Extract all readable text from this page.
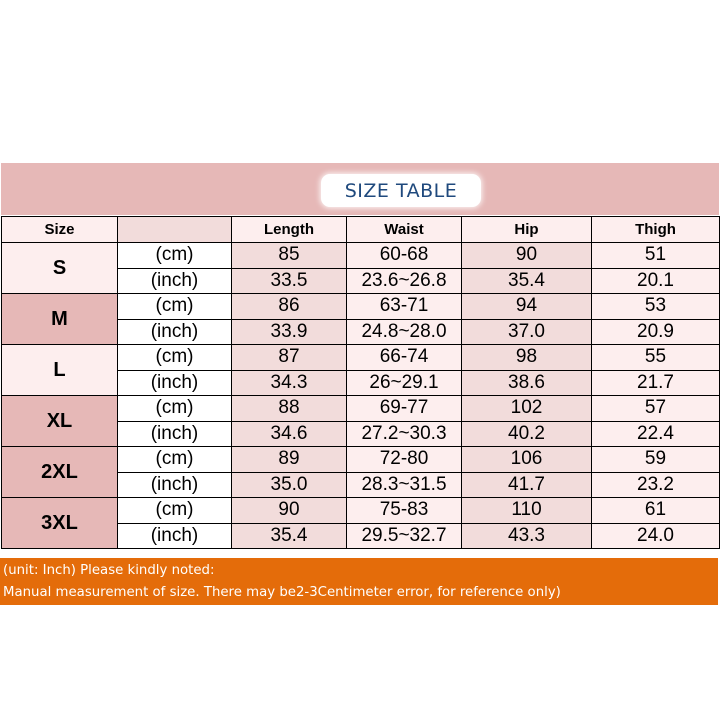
SIZE TABLE
Size		Length	Waist	Hip	Thigh
S	(cm)	85	60-68	90	51
	(inch)	33.5	23.6~26.8	35.4	20.1
M	(cm)	86	63-71	94	53
	(inch)	33.9	24.8~28.0	37.0	20.9
L	(cm)	87	66-74	98	55
	(inch)	34.3	26~29.1	38.6	21.7
XL	(cm)	88	69-77	102	57
	(inch)	34.6	27.2~30.3	40.2	22.4
2XL	(cm)	89	72-80	106	59
	(inch)	35.0	28.3~31.5	41.7	23.2
3XL	(cm)	90	75-83	110	61
	(inch)	35.4	29.5~32.7	43.3	24.0
(unit: Inch) Please kindly noted:
Manual measurement of size. There may be2-3Centimeter error, for reference only)
